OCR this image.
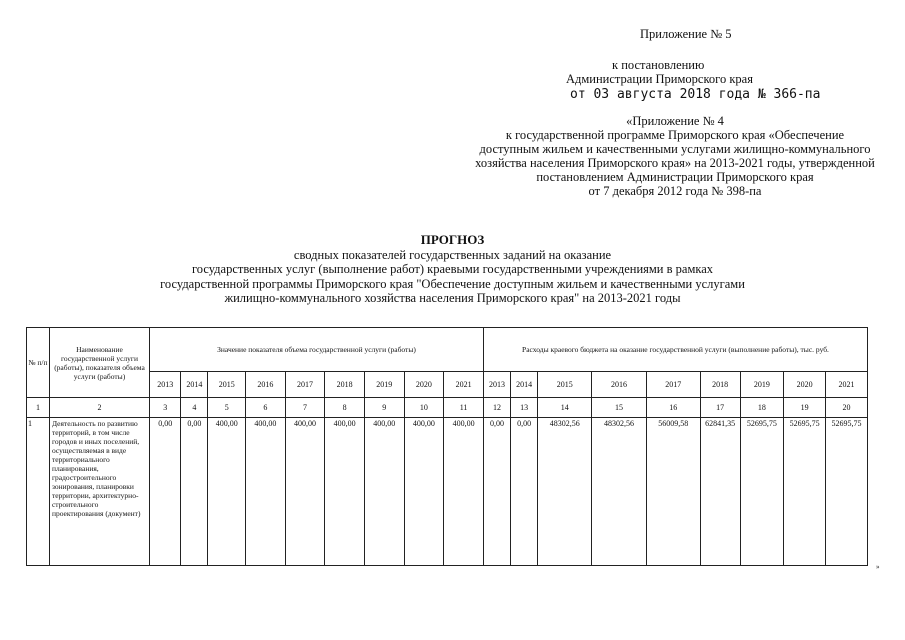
Приложение № 5
к постановлению
Администрации Приморского края
от 03 августа 2018 года № 366-па
«Приложение № 4
к государственной программе Приморского края «Обеспечение
доступным жильем и качественными услугами жилищно-коммунального
хозяйства населения Приморского края» на 2013-2021 годы, утвержденной
постановлением Администрации Приморского края
от 7 декабря 2012 года № 398-па
ПРОГНОЗ
сводных показателей государственных заданий на оказание
государственных услуг (выполнение работ) краевыми государственными учреждениями в рамках
государственной программы Приморского края "Обеспечение доступным жильем и качественными услугами
жилищно-коммунального хозяйства населения Приморского края" на 2013-2021 годы
№ п/п	Наименование государственной услуги (работы), показателя объема услуги (работы)	Значение показателя объема государственной услуги (работы)									Расходы краевого бюджета на оказание государственной услуги (выполнение работы), тыс. руб.								
		2013	2014	2015	2016	2017	2018	2019	2020	2021	2013	2014	2015	2016	2017	2018	2019	2020	2021
1	2	3	4	5	6	7	8	9	10	11	12	13	14	15	16	17	18	19	20
1	Деятельность по развитию территорий, в том числе городов и иных поселений, осуществляемая в виде территориального планирования, градостроительного зонирования, планировки территории, архитектурно-строительного проектирования (документ)	0,00	0,00	400,00	400,00	400,00	400,00	400,00	400,00	400,00	0,00	0,00	48302,56	48302,56	56009,58	62841,35	52695,75	52695,75	52695,75
»
